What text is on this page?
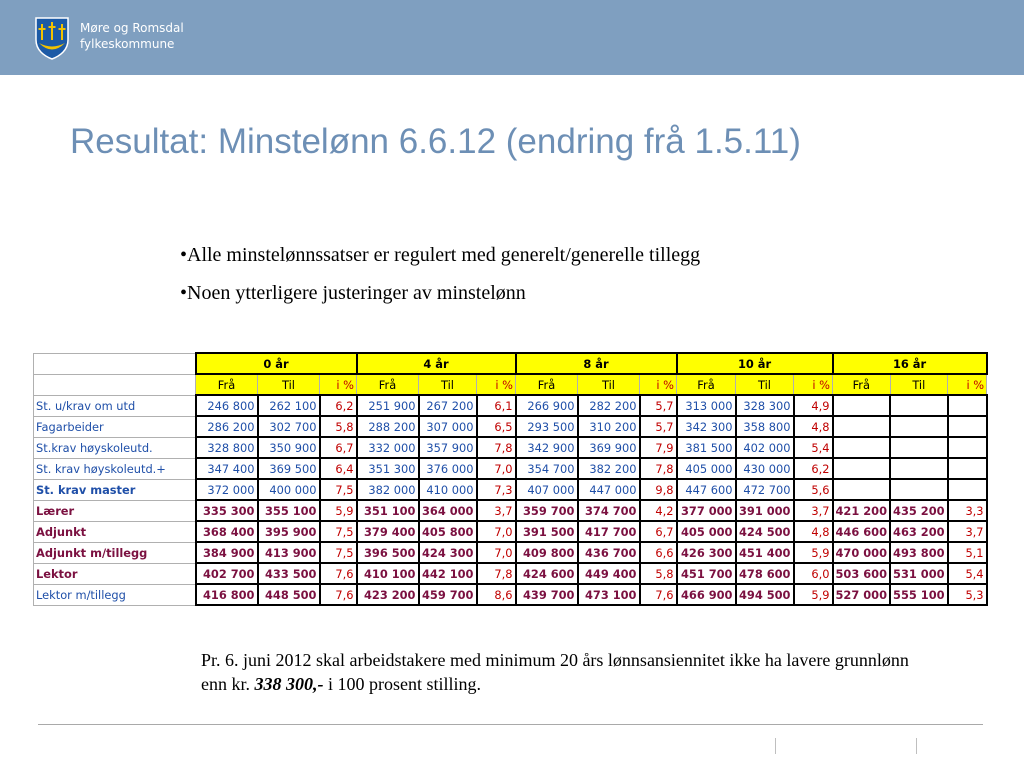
Møre og Romsdal
fylkeskommune
Resultat: Minstelønn 6.6.12 (endring frå 1.5.11)
•Alle minstelønnssatser er regulert med generelt/generelle tillegg
•Noen ytterligere justeringer av minstelønn
	0 år			4 år			8 år			10 år			16 år		
	Frå	Til	i %	Frå	Til	i %	Frå	Til	i %	Frå	Til	i %	Frå	Til	i %
St. u/krav om utd	246 800	262 100	6,2	251 900	267 200	6,1	266 900	282 200	5,7	313 000	328 300	4,9			
Fagarbeider	286 200	302 700	5,8	288 200	307 000	6,5	293 500	310 200	5,7	342 300	358 800	4,8			
St.krav høyskoleutd.	328 800	350 900	6,7	332 000	357 900	7,8	342 900	369 900	7,9	381 500	402 000	5,4			
St. krav høyskoleutd.+	347 400	369 500	6,4	351 300	376 000	7,0	354 700	382 200	7,8	405 000	430 000	6,2			
St. krav master	372 000	400 000	7,5	382 000	410 000	7,3	407 000	447 000	9,8	447 600	472 700	5,6			
Lærer	335 300	355 100	5,9	351 100	364 000	3,7	359 700	374 700	4,2	377 000	391 000	3,7	421 200	435 200	3,3
Adjunkt	368 400	395 900	7,5	379 400	405 800	7,0	391 500	417 700	6,7	405 000	424 500	4,8	446 600	463 200	3,7
Adjunkt m/tillegg	384 900	413 900	7,5	396 500	424 300	7,0	409 800	436 700	6,6	426 300	451 400	5,9	470 000	493 800	5,1
Lektor	402 700	433 500	7,6	410 100	442 100	7,8	424 600	449 400	5,8	451 700	478 600	6,0	503 600	531 000	5,4
Lektor m/tillegg	416 800	448 500	7,6	423 200	459 700	8,6	439 700	473 100	7,6	466 900	494 500	5,9	527 000	555 100	5,3
Pr. 6. juni 2012 skal arbeidstakere med minimum 20 års lønnsansiennitet ikke ha lavere grunnlønn enn kr. 338 300,- i 100 prosent stilling.
